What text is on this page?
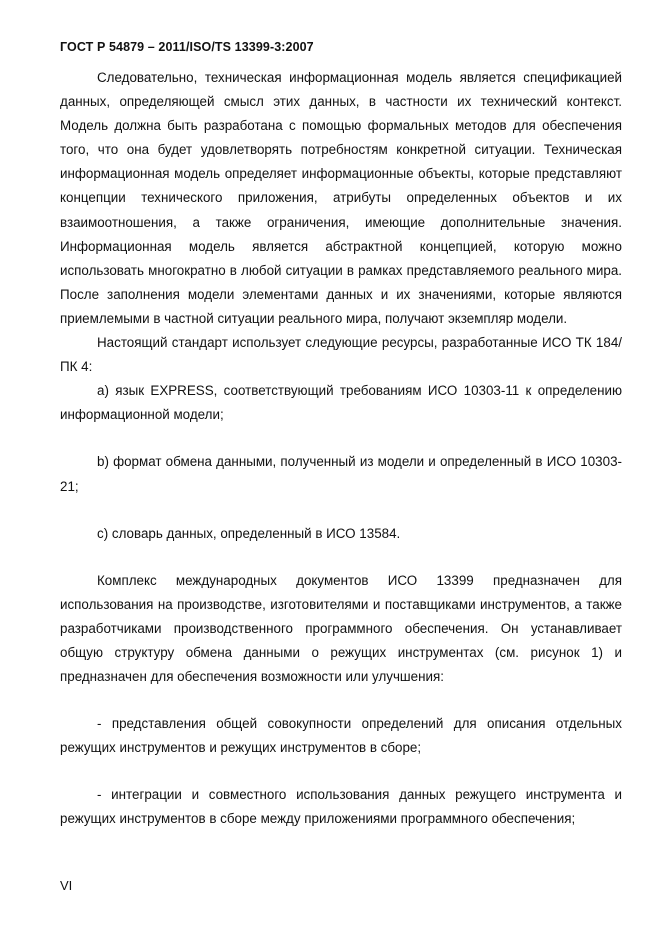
ГОСТ Р 54879 – 2011/ISO/TS 13399-3:2007

Следовательно, техническая информационная модель является спецификацией данных, определяющей смысл этих данных, в частности их технический контекст. Модель должна быть разработана с помощью формальных методов для обеспечения того, что она будет удовлетворять потребностям конкретной ситуации. Техническая информационная модель определяет информационные объекты, которые представляют концепции технического приложения, атрибуты определенных объектов и их взаимоотношения, а также ограничения, имеющие дополнительные значения. Информационная модель является абстрактной концепцией, которую можно использовать многократно в любой ситуации в рамках представляемого реального мира. После заполнения модели элементами данных и их значениями, которые являются приемлемыми в частной ситуации реального мира, получают экземпляр модели.

Настоящий стандарт использует следующие ресурсы, разработанные ИСО ТК 184/ПК 4:

a) язык EXPRESS, соответствующий требованиям ИСО 10303-11 к определению информационной модели;

b) формат обмена данными, полученный из модели и определенный в ИСО 10303-21;

c) словарь данных, определенный в ИСО 13584.

Комплекс международных документов ИСО 13399 предназначен для использования на производстве, изготовителями и поставщиками инструментов, а также разработчиками производственного программного обеспечения. Он устанавливает общую структуру обмена данными о режущих инструментах (см. рисунок 1) и предназначен для обеспечения возможности или улучшения:

- представления общей совокупности определений для описания отдельных режущих инструментов и режущих инструментов в сборе;

- интеграции и совместного использования данных режущего инструмента и режущих инструментов в сборе между приложениями программного обеспечения;

VI
